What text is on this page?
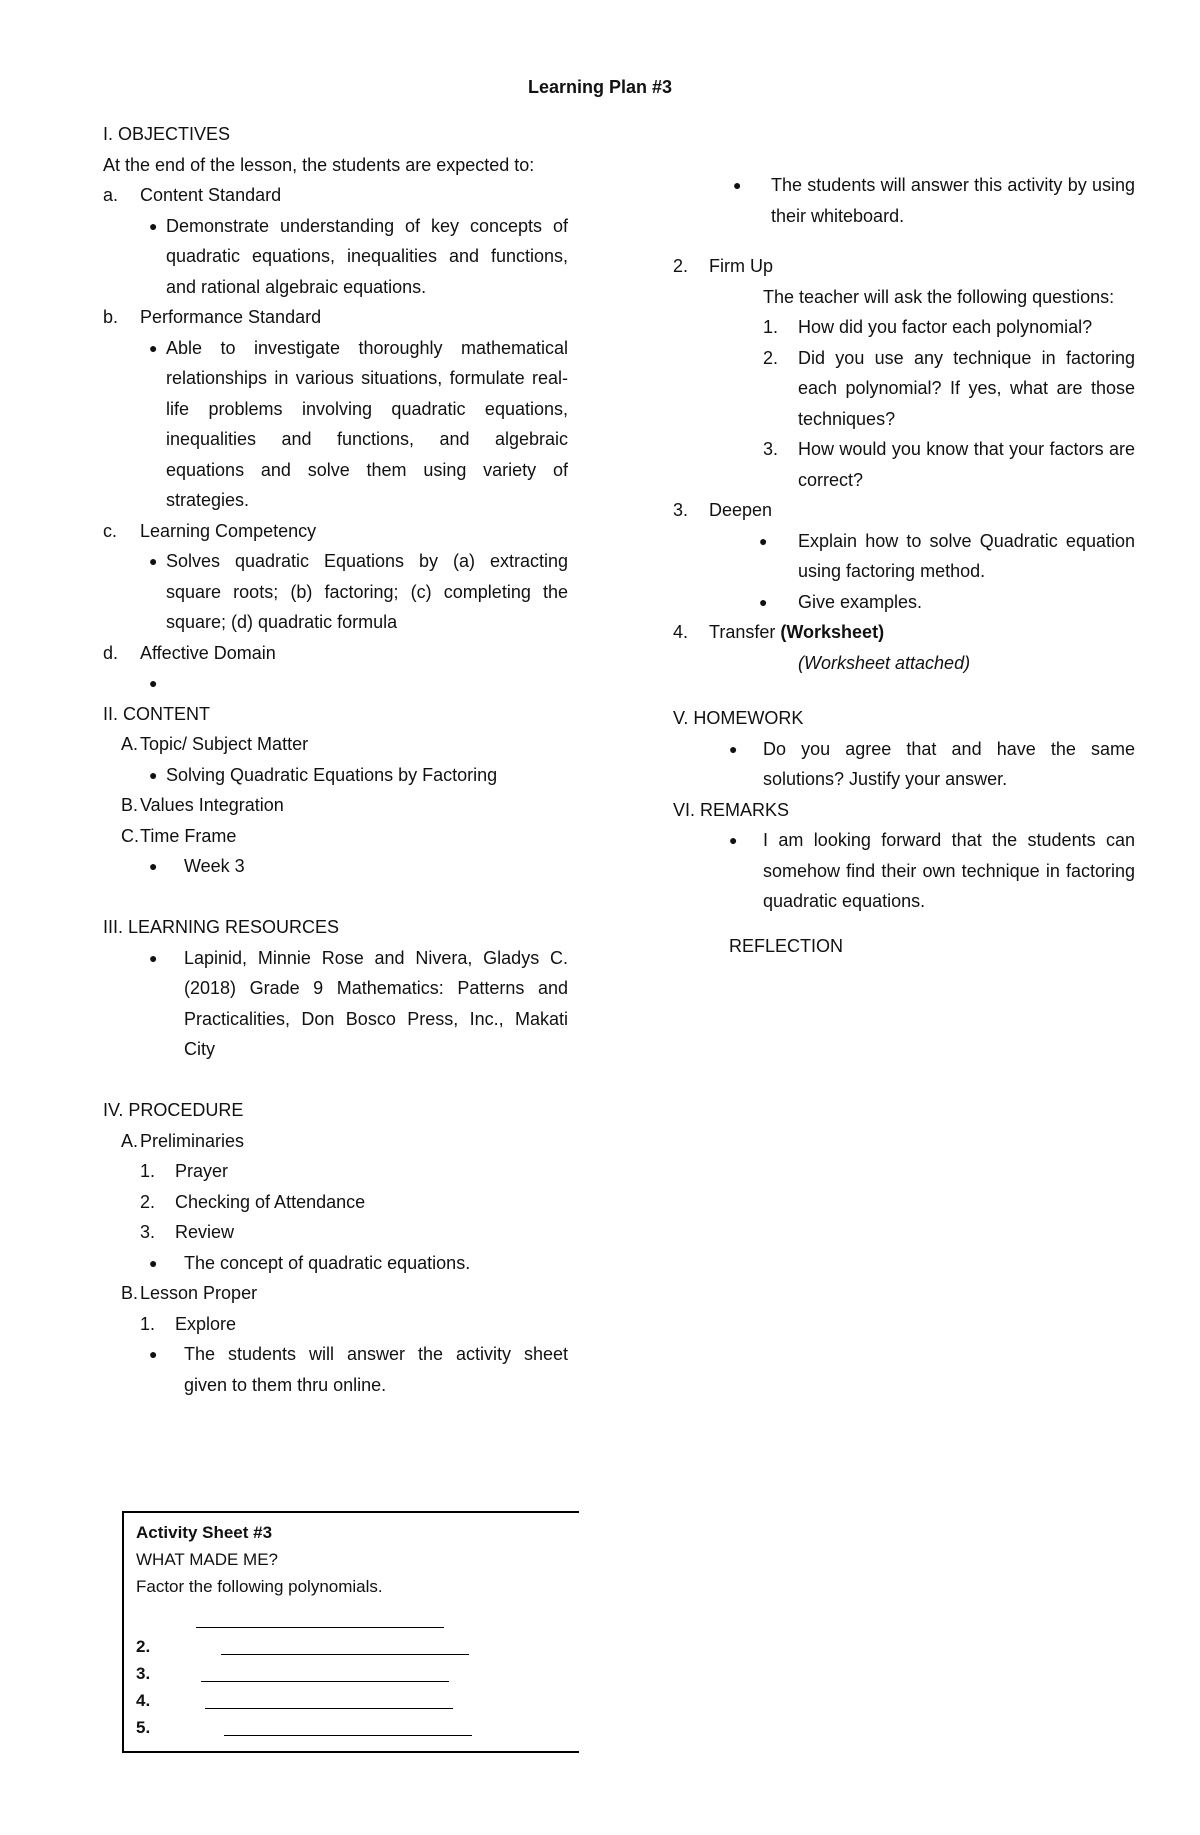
Learning Plan #3
I. OBJECTIVES
At the end of the lesson, the students are expected to:
a. Content Standard
● Demonstrate understanding of key concepts of quadratic equations, inequalities and functions, and rational algebraic equations.
b. Performance Standard
● Able to investigate thoroughly mathematical relationships in various situations, formulate real-life problems involving quadratic equations, inequalities and functions, and algebraic equations and solve them using variety of strategies.
c. Learning Competency
● Solves quadratic Equations by (a) extracting square roots; (b) factoring; (c) completing the square; (d) quadratic formula
d. Affective Domain
●
II. CONTENT
A. Topic/ Subject Matter
● Solving Quadratic Equations by Factoring
B. Values Integration
C. Time Frame
● Week 3
III. LEARNING RESOURCES
● Lapinid, Minnie Rose and Nivera, Gladys C. (2018) Grade 9 Mathematics: Patterns and Practicalities, Don Bosco Press, Inc., Makati City
IV. PROCEDURE
A. Preliminaries
1. Prayer
2. Checking of Attendance
3. Review
● The concept of quadratic equations.
B. Lesson Proper
1. Explore
● The students will answer the activity sheet given to them thru online.
Activity Sheet #3
WHAT MADE ME?
Factor the following polynomials.
2.
3.
4.
5.
● The students will answer this activity by using their whiteboard.
2. Firm Up
The teacher will ask the following questions:
1. How did you factor each polynomial?
2. Did you use any technique in factoring each polynomial? If yes, what are those techniques?
3. How would you know that your factors are correct?
3. Deepen
● Explain how to solve Quadratic equation using factoring method.
● Give examples.
4. Transfer (Worksheet)
(Worksheet attached)
V. HOMEWORK
● Do you agree that and have the same solutions? Justify your answer.
VI. REMARKS
● I am looking forward that the students can somehow find their own technique in factoring quadratic equations.
REFLECTION
